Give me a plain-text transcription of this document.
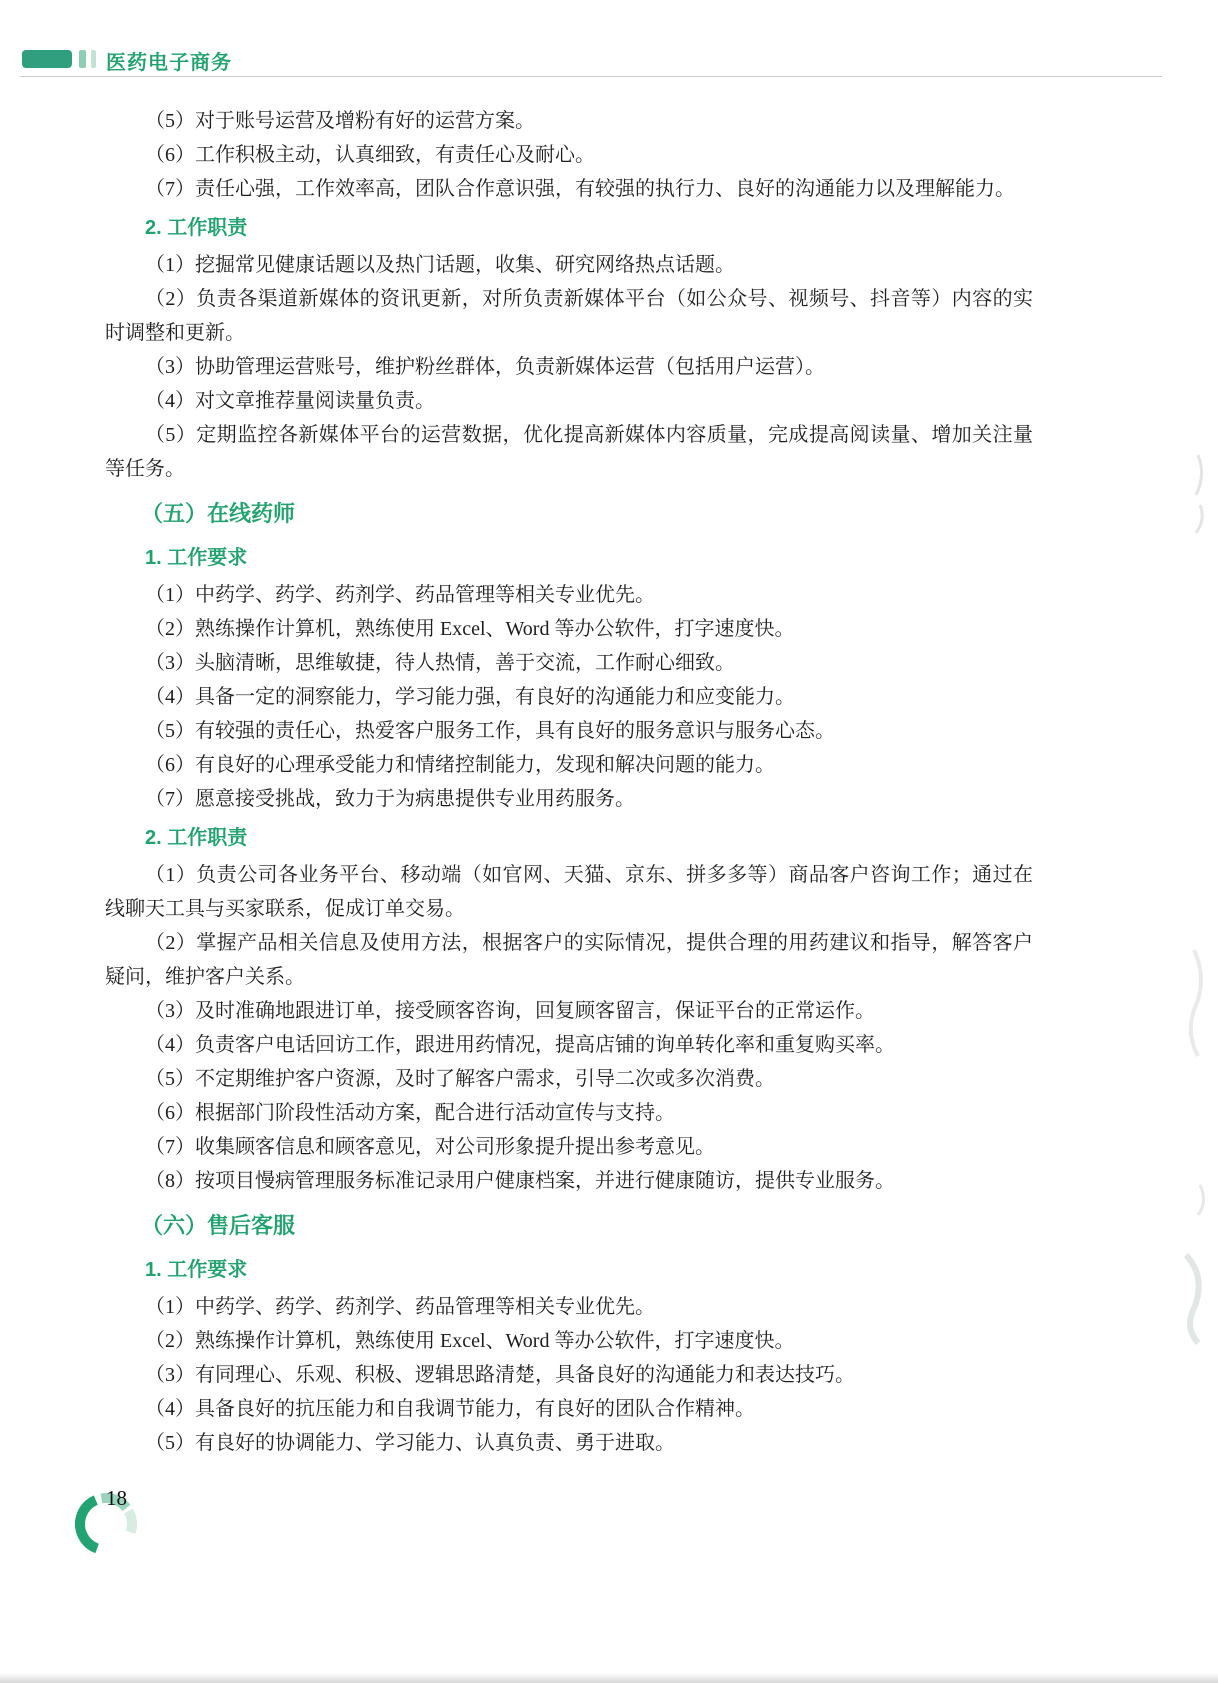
医药电子商务

（5）对于账号运营及增粉有好的运营方案。

（6）工作积极主动，认真细致，有责任心及耐心。

（7）责任心强，工作效率高，团队合作意识强，有较强的执行力、良好的沟通能力以及理解能力。

2. 工作职责

（1）挖掘常见健康话题以及热门话题，收集、研究网络热点话题。

（2）负责各渠道新媒体的资讯更新，对所负责新媒体平台（如公众号、视频号、抖音等）内容的实时调整和更新。

（3）协助管理运营账号，维护粉丝群体，负责新媒体运营（包括用户运营）。

（4）对文章推荐量阅读量负责。

（5）定期监控各新媒体平台的运营数据，优化提高新媒体内容质量，完成提高阅读量、增加关注量等任务。

（五）在线药师
1. 工作要求

（1）中药学、药学、药剂学、药品管理等相关专业优先。

（2）熟练操作计算机，熟练使用 Excel、Word 等办公软件，打字速度快。

（3）头脑清晰，思维敏捷，待人热情，善于交流，工作耐心细致。

（4）具备一定的洞察能力，学习能力强，有良好的沟通能力和应变能力。

（5）有较强的责任心，热爱客户服务工作，具有良好的服务意识与服务心态。

（6）有良好的心理承受能力和情绪控制能力，发现和解决问题的能力。

（7）愿意接受挑战，致力于为病患提供专业用药服务。

2. 工作职责

（1）负责公司各业务平台、移动端（如官网、天猫、京东、拼多多等）商品客户咨询工作；通过在线聊天工具与买家联系，促成订单交易。

（2）掌握产品相关信息及使用方法，根据客户的实际情况，提供合理的用药建议和指导，解答客户疑问，维护客户关系。

（3）及时准确地跟进订单，接受顾客咨询，回复顾客留言，保证平台的正常运作。

（4）负责客户电话回访工作，跟进用药情况，提高店铺的询单转化率和重复购买率。

（5）不定期维护客户资源，及时了解客户需求，引导二次或多次消费。

（6）根据部门阶段性活动方案，配合进行活动宣传与支持。

（7）收集顾客信息和顾客意见，对公司形象提升提出参考意见。

（8）按项目慢病管理服务标准记录用户健康档案，并进行健康随访，提供专业服务。

（六）售后客服
1. 工作要求

（1）中药学、药学、药剂学、药品管理等相关专业优先。

（2）熟练操作计算机，熟练使用 Excel、Word 等办公软件，打字速度快。

（3）有同理心、乐观、积极、逻辑思路清楚，具备良好的沟通能力和表达技巧。

（4）具备良好的抗压能力和自我调节能力，有良好的团队合作精神。

（5）有良好的协调能力、学习能力、认真负责、勇于进取。

18
